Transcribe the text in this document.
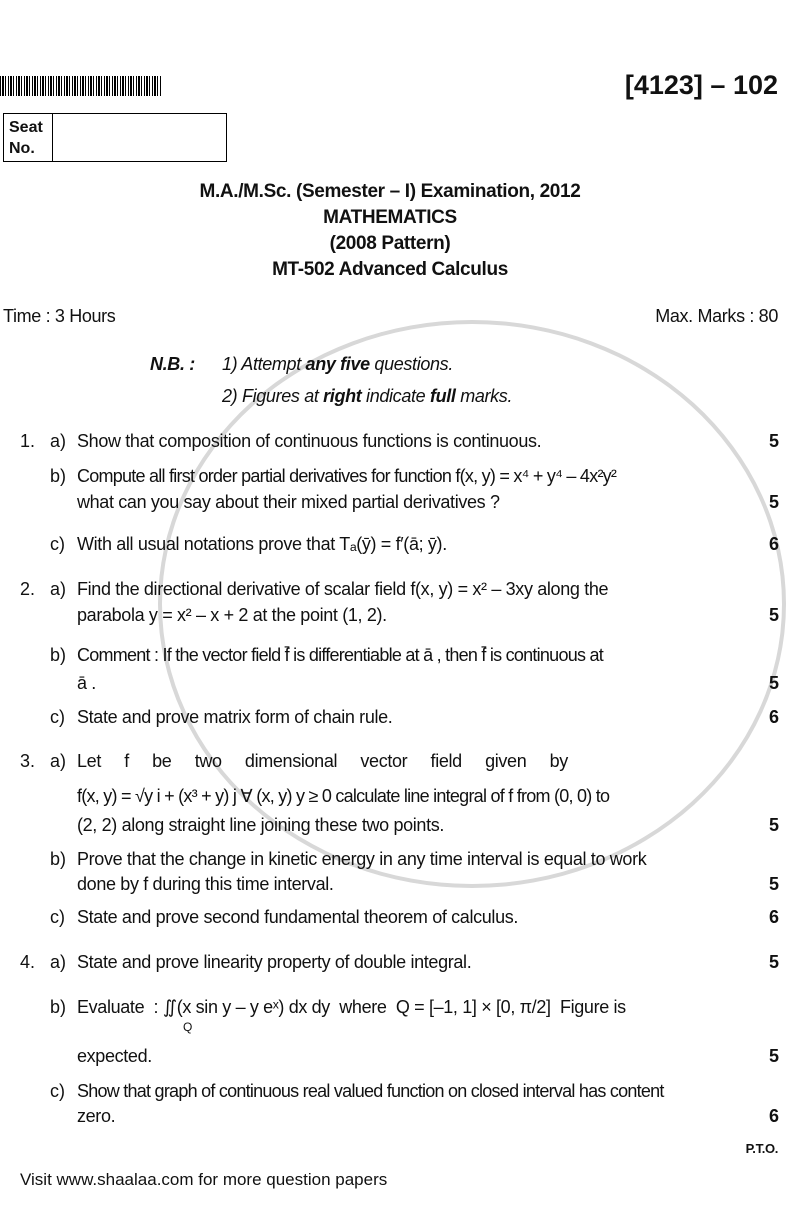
[4123] – 102
Seat
No.
M.A./M.Sc. (Semester – I) Examination, 2012
MATHEMATICS
(2008 Pattern)
MT-502 Advanced Calculus
Time : 3 Hours	Max. Marks : 80
N.B. : 1) Attempt any five questions.
2) Figures at right indicate full marks.
1. a) Show that composition of continuous functions is continuous.	5
b) Compute all first order partial derivatives for function f(x, y) = x⁴ + y⁴ – 4x²y²
what can you say about their mixed partial derivatives ?	5
c) With all usual notations prove that Tₐ(ȳ) = f′(ā; ȳ).	6
2. a) Find the directional derivative of scalar field f(x, y) = x² – 3xy along the
parabola y = x² – x + 2 at the point (1, 2).	5
b) Comment : If the vector field f̄ is differentiable at ā , then f̄ is continuous at
ā .	5
c) State and prove matrix form of chain rule.	6
3. a) Let     f     be     two     dimensional     vector     field     given     by
f(x, y) = √y i + (x³ + y) j ∀ (x, y) y ≥ 0 calculate line integral of f from (0, 0) to
(2, 2) along straight line joining these two points.	5
b) Prove that the change in kinetic energy in any time interval is equal to work
done by f during this time interval.	5
c) State and prove second fundamental theorem of calculus.	6
4. a) State and prove linearity property of double integral.	5
b) Evaluate  : ∬(x sin y – y eˣ) dx dy  where  Q = [–1, 1] × [0, π/2]  Figure is
Q
expected.	5
c) Show that graph of continuous real valued function on closed interval has content
zero.	6
P.T.O.
Visit www.shaalaa.com for more question papers
